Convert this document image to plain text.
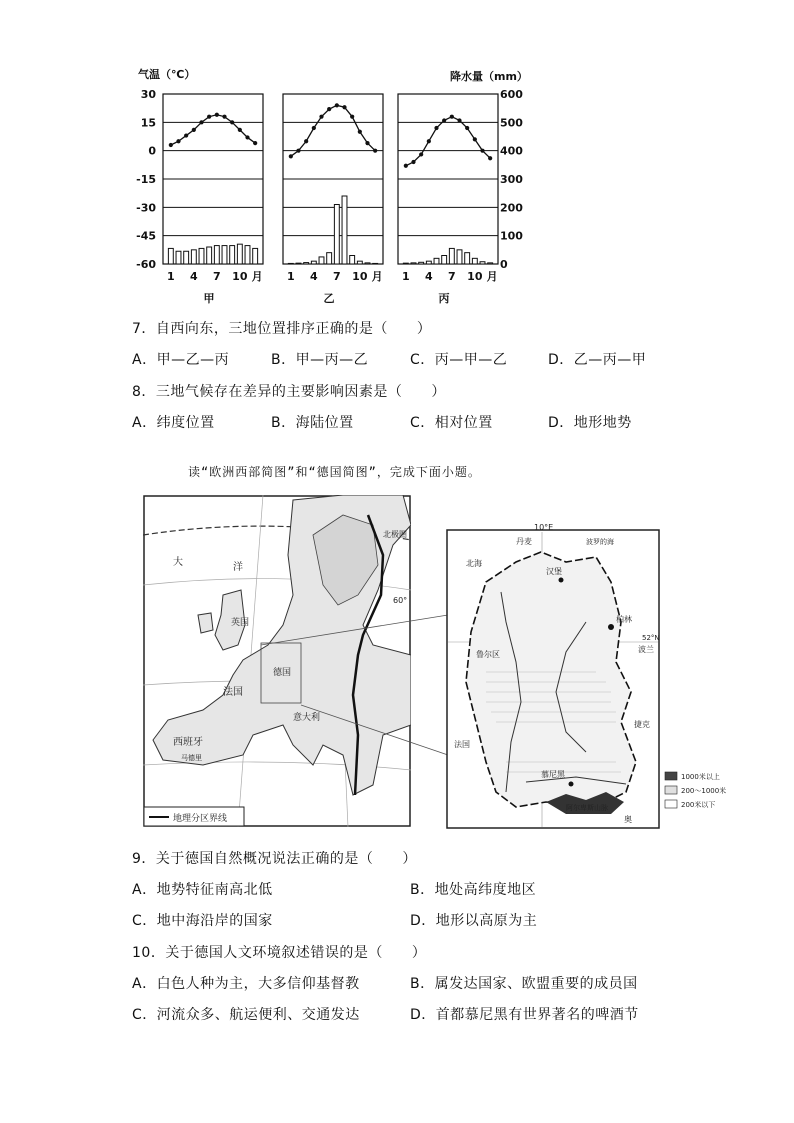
气温（℃）	降水量（mm）
30
15
0
-15
-30
-45
-60
600
500
400
300
200
100
0
1 4 7 10 月
甲
1 4 7 10 月
乙
1 4 7 10 月
丙
7．自西向东，三地位置排序正确的是（　　）
A．甲—乙—丙	B．甲—丙—乙	C．丙—甲—乙	D．乙—丙—甲
8．三地气候存在差异的主要影响因素是（　　）
A．纬度位置	B．海陆位置	C．相对位置	D．地形地势
读“欧洲西部简图”和“德国简图”，完成下面小题。
北极圈
60°
英国
法国
德国
西班牙
马德里
意大利
大	洋
地理分区界线
10°E
52°N
北海
波罗的海
汉堡
柏林
鲁尔区
慕尼黑
阿尔卑斯山脉
丹麦
波兰
捷克
法国
奥
1000米以上
200～1000米
200米以下
9．关于德国自然概况说法正确的是（　　）
A．地势特征南高北低	B．地处高纬度地区
C．地中海沿岸的国家	D．地形以高原为主
10．关于德国人文环境叙述错误的是（　　）
A．白色人种为主，大多信仰基督教	B．属发达国家、欧盟重要的成员国
C．河流众多、航运便利、交通发达	D．首都慕尼黑有世界著名的啤酒节
